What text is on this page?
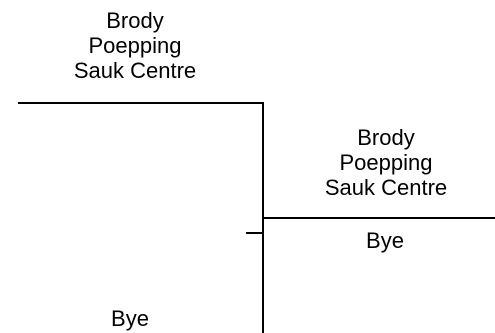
Brody
Poepping
Sauk Centre
Bye
Brody
Poepping
Sauk Centre
Bye
